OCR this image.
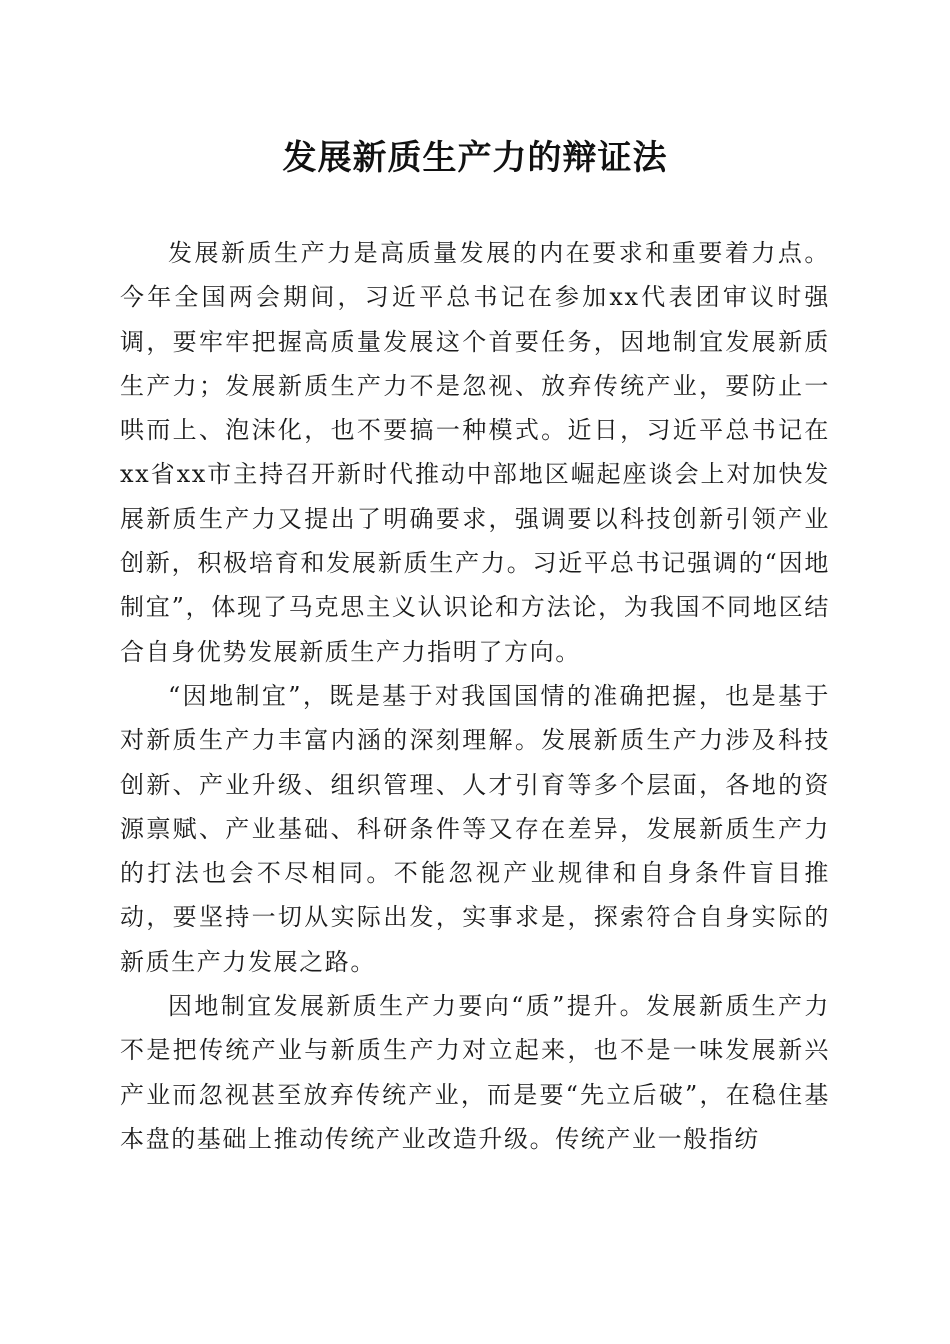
发展新质生产力的辩证法

发展新质生产力是高质量发展的内在要求和重要着力点。今年全国两会期间，习近平总书记在参加xx代表团审议时强调，要牢牢把握高质量发展这个首要任务，因地制宜发展新质生产力；发展新质生产力不是忽视、放弃传统产业，要防止一哄而上、泡沫化，也不要搞一种模式。近日，习近平总书记在xx省xx市主持召开新时代推动中部地区崛起座谈会上对加快发展新质生产力又提出了明确要求，强调要以科技创新引领产业创新，积极培育和发展新质生产力。习近平总书记强调的“因地制宜”，体现了马克思主义认识论和方法论，为我国不同地区结合自身优势发展新质生产力指明了方向。

“因地制宜”，既是基于对我国国情的准确把握，也是基于对新质生产力丰富内涵的深刻理解。发展新质生产力涉及科技创新、产业升级、组织管理、人才引育等多个层面，各地的资源禀赋、产业基础、科研条件等又存在差异，发展新质生产力的打法也会不尽相同。不能忽视产业规律和自身条件盲目推动，要坚持一切从实际出发，实事求是，探索符合自身实际的新质生产力发展之路。

因地制宜发展新质生产力要向“质”提升。发展新质生产力不是把传统产业与新质生产力对立起来，也不是一味发展新兴产业而忽视甚至放弃传统产业，而是要“先立后破”，在稳住基本盘的基础上推动传统产业改造升级。传统产业一般指纺
